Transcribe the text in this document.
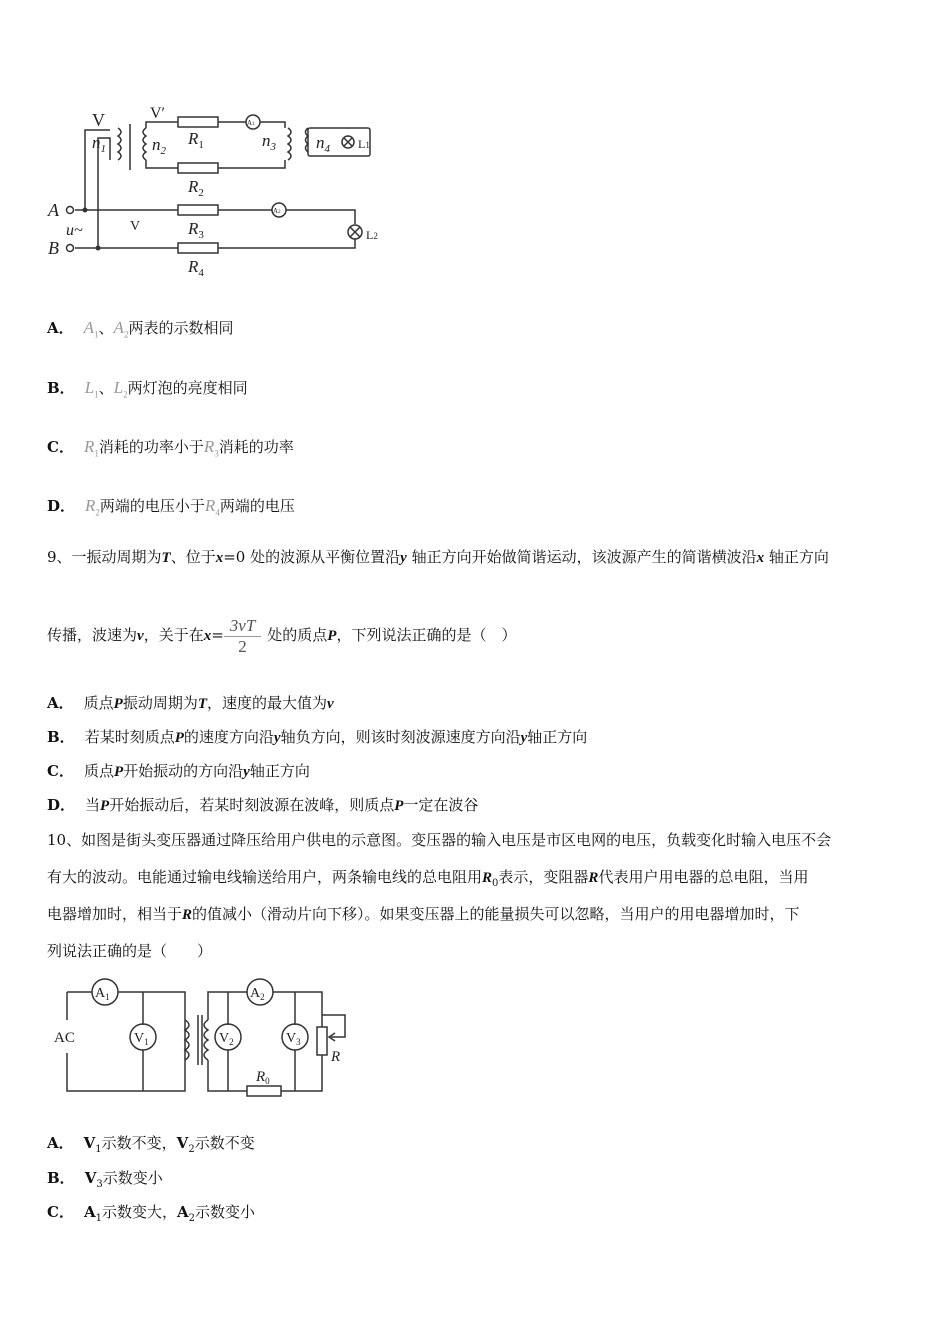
V	V′
$n_1$	$n_2$
$R_1$	$n_3$ $n_4$ L1
A1
$R_2$
A2
$R_3$	L2
$R_4$
A
B
u~	V
A． $A_1$、$A_2$两表的示数相同
B． $L_1$、$L_2$两灯泡的亮度相同
C． $R_1$消耗的功率小于$R_3$消耗的功率
D． $R_2$两端的电压小于$R_4$两端的电压
9、一振动周期为T、位于x=0 处的波源从平衡位置沿y 轴正方向开始做简谐运动，该波源产生的简谐横波沿x 轴正方向
传播，波速为v，关于在$x= \frac{3vT}{2}$ 处的质点P，下列说法正确的是（　）
A． 质点P振动周期为T，速度的最大值为v
B． 若某时刻质点P的速度方向沿y轴负方向，则该时刻波源速度方向沿y轴正方向
C． 质点P开始振动的方向沿y轴正方向
D． 当P开始振动后，若某时刻波源在波峰，则质点P一定在波谷
10、如图是街头变压器通过降压给用户供电的示意图。变压器的输入电压是市区电网的电压，负载变化时输入电压不会
有大的波动。电能通过输电线输送给用户，两条输电线的总电阻用$R_0$表示，变阻器R代表用户用电器的总电阻，当用
电器增加时，相当于R的值减小（滑动片向下移）。如果变压器上的能量损失可以忽略，当用户的用电器增加时，下
列说法正确的是（　　）
AC
$A_1$	$A_2$
$V_1$	$V_2$	$V_3$
R
$R_0$
A． $V_1$示数不变，$V_2$示数不变
B． $V_3$示数变小
C． $A_1$示数变大，$A_2$示数变小
